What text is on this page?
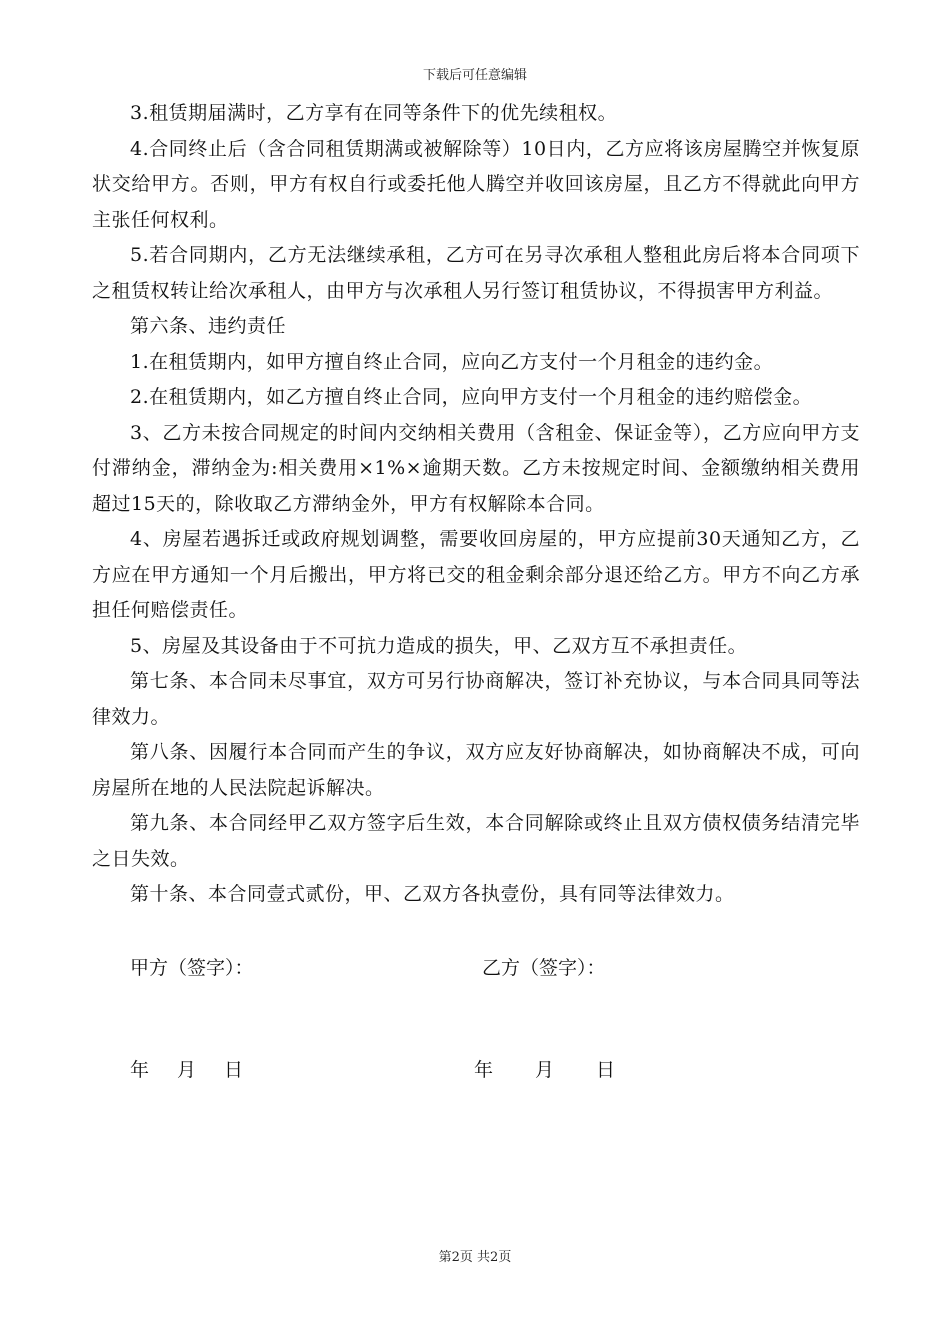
下载后可任意编辑

3.租赁期届满时，乙方享有在同等条件下的优先续租权。

4.合同终止后（含合同租赁期满或被解除等）10日内，乙方应将该房屋腾空并恢复原状交给甲方。否则，甲方有权自行或委托他人腾空并收回该房屋，且乙方不得就此向甲方主张任何权利。

5.若合同期内，乙方无法继续承租，乙方可在另寻次承租人整租此房后将本合同项下之租赁权转让给次承租人，由甲方与次承租人另行签订租赁协议，不得损害甲方利益。

第六条、违约责任

1.在租赁期内，如甲方擅自终止合同，应向乙方支付一个月租金的违约金。

2.在租赁期内，如乙方擅自终止合同，应向甲方支付一个月租金的违约赔偿金。

3、乙方未按合同规定的时间内交纳相关费用（含租金、保证金等），乙方应向甲方支付滞纳金，滞纳金为:相关费用×1%×逾期天数。乙方未按规定时间、金额缴纳相关费用超过15天的，除收取乙方滞纳金外，甲方有权解除本合同。

4、房屋若遇拆迁或政府规划调整，需要收回房屋的，甲方应提前30天通知乙方，乙方应在甲方通知一个月后搬出，甲方将已交的租金剩余部分退还给乙方。甲方不向乙方承担任何赔偿责任。

5、房屋及其设备由于不可抗力造成的损失，甲、乙双方互不承担责任。

第七条、本合同未尽事宜，双方可另行协商解决，签订补充协议，与本合同具同等法律效力。

第八条、因履行本合同而产生的争议，双方应友好协商解决，如协商解决不成，可向房屋所在地的人民法院起诉解决。

第九条、本合同经甲乙双方签字后生效，本合同解除或终止且双方债权债务结清完毕之日失效。

第十条、本合同壹式贰份，甲、乙双方各执壹份，具有同等法律效力。

甲方（签字）：	乙方（签字）：
年 月 日	年 月 日
第2页 共2页
